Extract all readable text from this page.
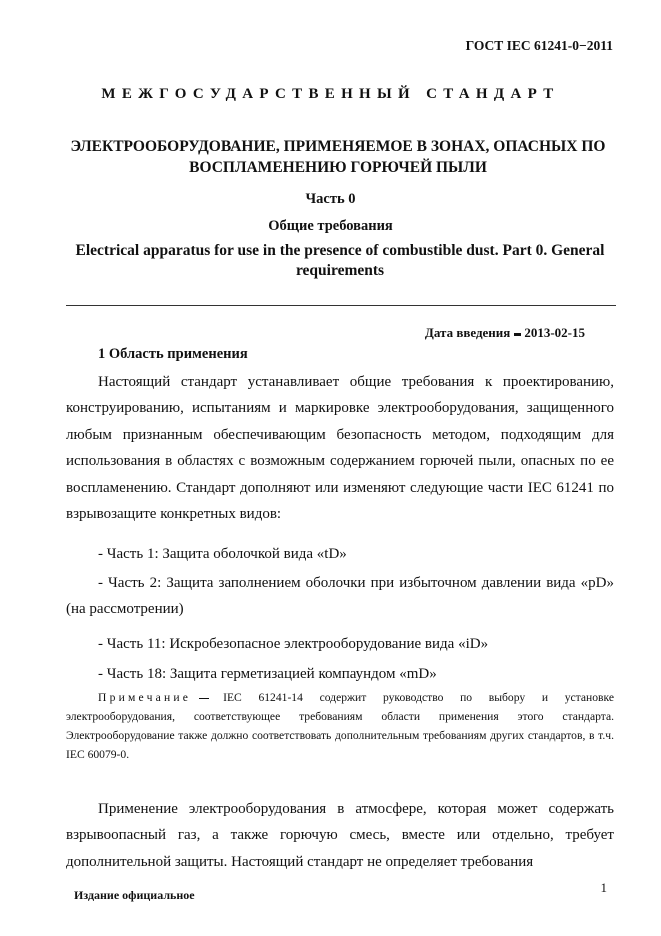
ГОСТ IEC 61241-0−2011
МЕЖГОСУДАРСТВЕННЫЙ СТАНДАРТ
ЭЛЕКТРООБОРУДОВАНИЕ, ПРИМЕНЯЕМОЕ В ЗОНАХ, ОПАСНЫХ ПО ВОСПЛАМЕНЕНИЮ ГОРЮЧЕЙ ПЫЛИ
Часть 0
Общие требования
Electrical apparatus for use in the presence of combustible dust. Part 0. General requirements
Дата введения 2013-02-15
1 Область применения
Настоящий стандарт устанавливает общие требования к проектированию, конструированию, испытаниям и маркировке электрооборудования, защищенного любым признанным обеспечивающим безопасность методом, подходящим для использования в областях с возможным содержанием горючей пыли, опасных по ее воспламенению. Стандарт дополняют или изменяют следующие части IEC 61241 по взрывозащите конкретных видов:
- Часть 1: Защита оболочкой вида «tD»
- Часть 2: Защита заполнением оболочки при избыточном давлении вида «pD» (на рассмотрении)
- Часть 11: Искробезопасное электрооборудование вида «iD»
- Часть 18: Защита герметизацией компаундом «mD»
Примечание	IEC 61241-14 содержит руководство по выбору и установке электрооборудования, соответствующее требованиям области применения этого стандарта. Электрооборудование также должно соответствовать дополнительным требованиям других стандартов, в т.ч. IEC 60079-0.
Применение электрооборудования в атмосфере, которая может содержать взрывоопасный газ, а также горючую смесь, вместе или отдельно, требует дополнительной защиты. Настоящий стандарт не определяет требования
Издание официальное	1
